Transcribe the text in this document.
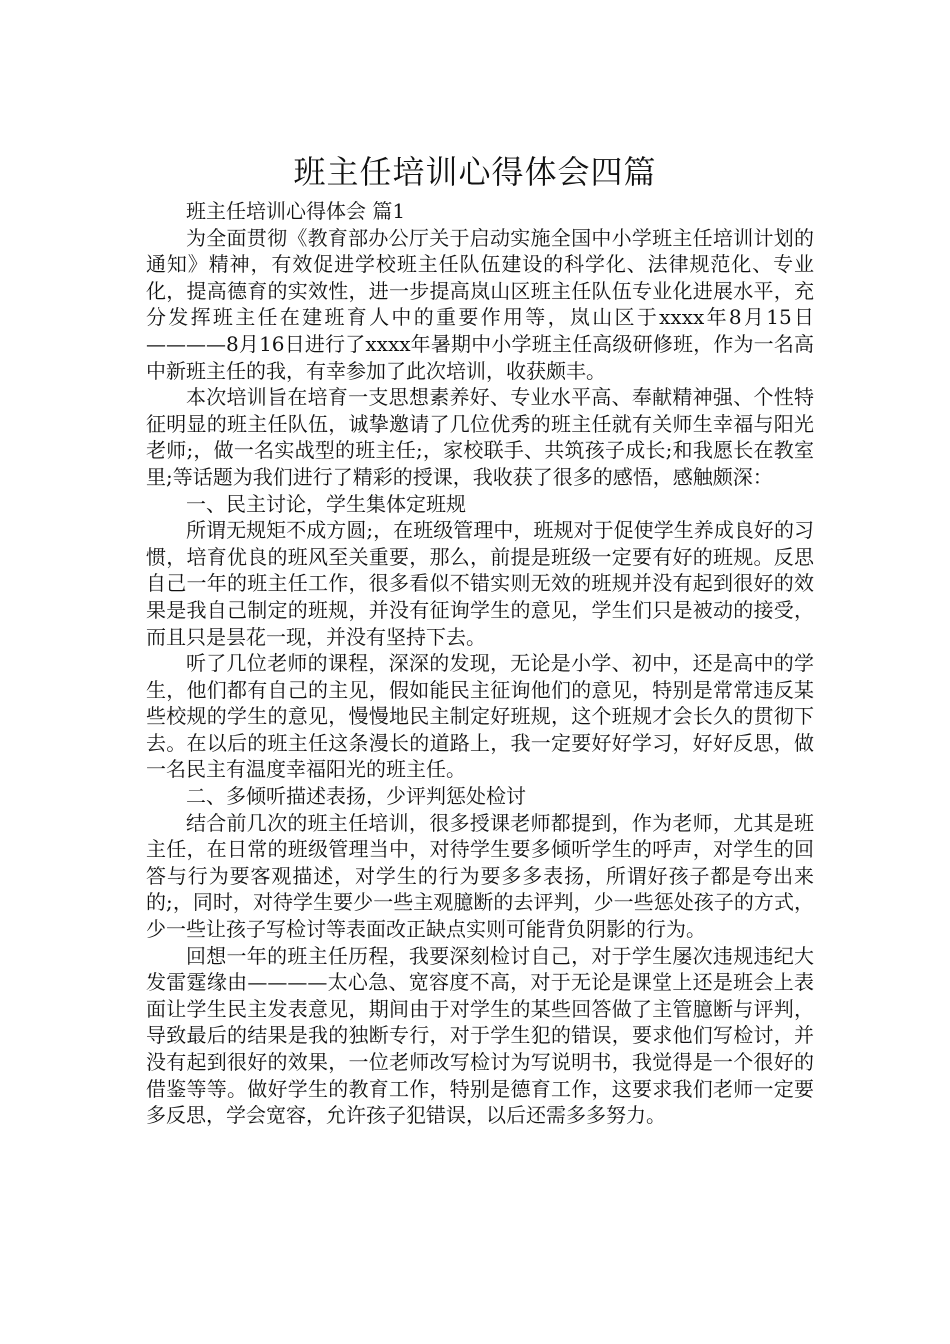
班主任培训心得体会四篇

班主任培训心得体会 篇1

为全面贯彻《教育部办公厅关于启动实施全国中小学班主任培训计划的通知》精神，有效促进学校班主任队伍建设的科学化、法律规范化、专业化，提高德育的实效性，进一步提高岚山区班主任队伍专业化进展水平，充分发挥班主任在建班育人中的重要作用等，岚山区于xxxx年8月15日————8月16日进行了xxxx年暑期中小学班主任高级研修班，作为一名高中新班主任的我，有幸参加了此次培训，收获颇丰。

本次培训旨在培育一支思想素养好、专业水平高、奉献精神强、个性特征明显的班主任队伍，诚挚邀请了几位优秀的班主任就有关师生幸福与阳光老师;，做一名实战型的班主任;，家校联手、共筑孩子成长;和我愿长在教室里;等话题为我们进行了精彩的授课，我收获了很多的感悟，感触颇深：

一、民主讨论，学生集体定班规

所谓无规矩不成方圆;，在班级管理中，班规对于促使学生养成良好的习惯，培育优良的班风至关重要，那么，前提是班级一定要有好的班规。反思自己一年的班主任工作，很多看似不错实则无效的班规并没有起到很好的效果是我自己制定的班规，并没有征询学生的意见，学生们只是被动的接受，而且只是昙花一现，并没有坚持下去。

听了几位老师的课程，深深的发现，无论是小学、初中，还是高中的学生，他们都有自己的主见，假如能民主征询他们的意见，特别是常常违反某些校规的学生的意见，慢慢地民主制定好班规，这个班规才会长久的贯彻下去。在以后的班主任这条漫长的道路上，我一定要好好学习，好好反思，做一名民主有温度幸福阳光的班主任。

二、多倾听描述表扬，少评判惩处检讨

结合前几次的班主任培训，很多授课老师都提到，作为老师，尤其是班主任，在日常的班级管理当中，对待学生要多倾听学生的呼声，对学生的回答与行为要客观描述，对学生的行为要多多表扬，所谓好孩子都是夸出来的;，同时，对待学生要少一些主观臆断的去评判，少一些惩处孩子的方式，少一些让孩子写检讨等表面改正缺点实则可能背负阴影的行为。

回想一年的班主任历程，我要深刻检讨自己，对于学生屡次违规违纪大发雷霆缘由————太心急、宽容度不高，对于无论是课堂上还是班会上表面让学生民主发表意见，期间由于对学生的某些回答做了主管臆断与评判，导致最后的结果是我的独断专行，对于学生犯的错误，要求他们写检讨，并没有起到很好的效果，一位老师改写检讨为写说明书，我觉得是一个很好的借鉴等等。做好学生的教育工作，特别是德育工作，这要求我们老师一定要多反思，学会宽容，允许孩子犯错误，以后还需多多努力。
